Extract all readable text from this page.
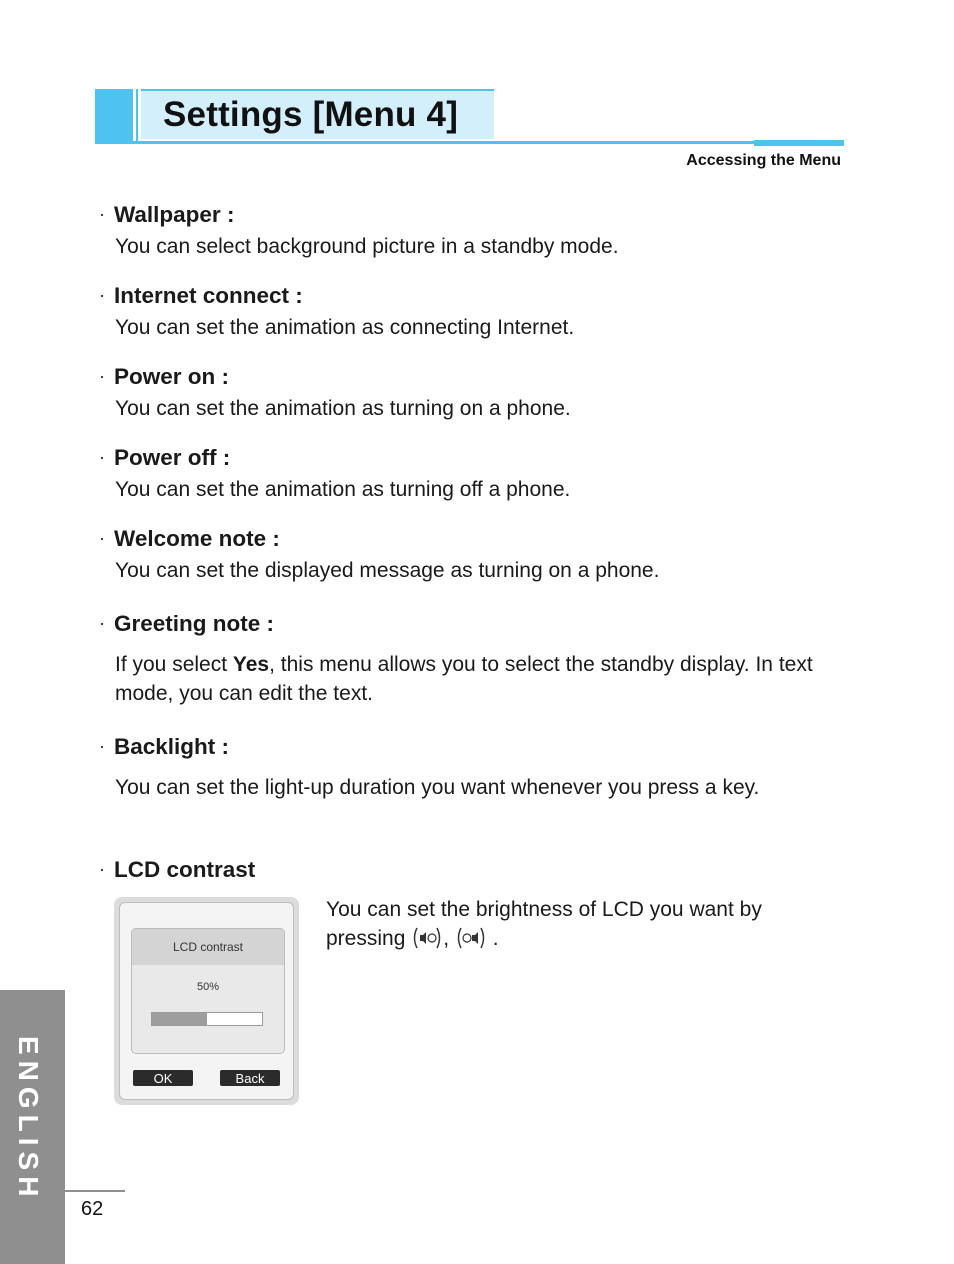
Settings [Menu 4]
Accessing the Menu
· Wallpaper :
You can select background picture in a standby mode.
· Internet connect :
You can set the animation as connecting Internet.
· Power on :
You can set the animation as turning on a phone.
· Power off :
You can set the animation as turning off a phone.
· Welcome note :
You can set the displayed message as turning on a phone.
· Greeting note :
If you select Yes, this menu allows you to select the standby display. In text mode, you can edit the text.
· Backlight :
You can set the light-up duration you want whenever you press a key.
· LCD contrast
LCD contrast
50%
OK	Back
You can set the brightness of LCD you want by pressing , .
ENGLISH
62
